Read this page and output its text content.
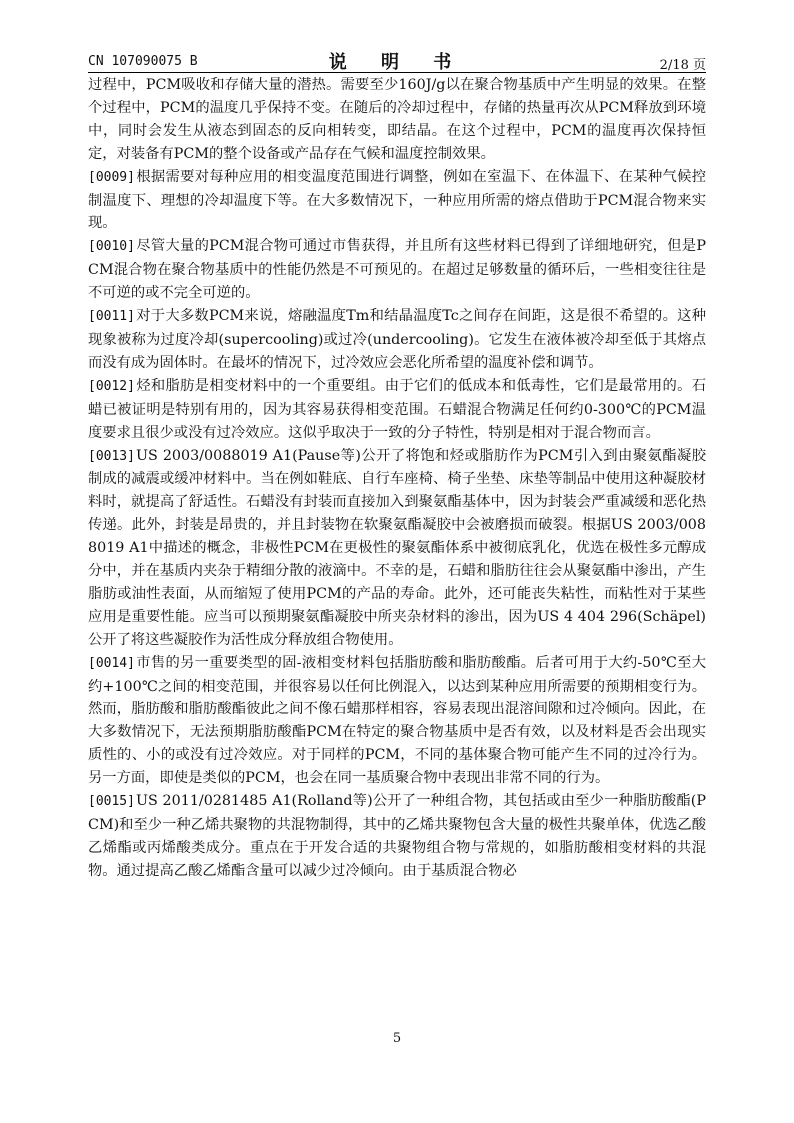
CN 107090075 B	说 明 书	2/18 页

过程中，PCM吸收和存储大量的潜热。需要至少160J/g以在聚合物基质中产生明显的效果。在整个过程中，PCM的温度几乎保持不变。在随后的冷却过程中，存储的热量再次从PCM释放到环境中，同时会发生从液态到固态的反向相转变，即结晶。在这个过程中，PCM的温度再次保持恒定，对装备有PCM的整个设备或产品存在气候和温度控制效果。

[0009]根据需要对每种应用的相变温度范围进行调整，例如在室温下、在体温下、在某种气候控制温度下、理想的冷却温度下等。在大多数情况下，一种应用所需的熔点借助于PCM混合物来实现。

[0010]尽管大量的PCM混合物可通过市售获得，并且所有这些材料已得到了详细地研究，但是PCM混合物在聚合物基质中的性能仍然是不可预见的。在超过足够数量的循环后，一些相变往往是不可逆的或不完全可逆的。

[0011]对于大多数PCM来说，熔融温度Tm和结晶温度Tc之间存在间距，这是很不希望的。这种现象被称为过度冷却(supercooling)或过冷(undercooling)。它发生在液体被冷却至低于其熔点而没有成为固体时。在最坏的情况下，过冷效应会恶化所希望的温度补偿和调节。

[0012]烃和脂肪是相变材料中的一个重要组。由于它们的低成本和低毒性，它们是最常用的。石蜡已被证明是特别有用的，因为其容易获得相变范围。石蜡混合物满足任何约0-300℃的PCM温度要求且很少或没有过冷效应。这似乎取决于一致的分子特性，特别是相对于混合物而言。

[0013]US 2003/0088019 A1(Pause等)公开了将饱和烃或脂肪作为PCM引入到由聚氨酯凝胶制成的减震或缓冲材料中。当在例如鞋底、自行车座椅、椅子坐垫、床垫等制品中使用这种凝胶材料时，就提高了舒适性。石蜡没有封装而直接加入到聚氨酯基体中，因为封装会严重减缓和恶化热传递。此外，封装是昂贵的，并且封装物在软聚氨酯凝胶中会被磨损而破裂。根据US 2003/0088019 A1中描述的概念，非极性PCM在更极性的聚氨酯体系中被彻底乳化，优选在极性多元醇成分中，并在基质内夹杂于精细分散的液滴中。不幸的是，石蜡和脂肪往往会从聚氨酯中渗出，产生脂肪或油性表面，从而缩短了使用PCM的产品的寿命。此外，还可能丧失粘性，而粘性对于某些应用是重要性能。应当可以预期聚氨酯凝胶中所夹杂材料的渗出，因为US 4 404 296(Schäpel)公开了将这些凝胶作为活性成分释放组合物使用。

[0014]市售的另一重要类型的固-液相变材料包括脂肪酸和脂肪酸酯。后者可用于大约-50℃至大约+100℃之间的相变范围，并很容易以任何比例混入，以达到某种应用所需要的预期相变行为。然而，脂肪酸和脂肪酸酯彼此之间不像石蜡那样相容，容易表现出混溶间隙和过冷倾向。因此，在大多数情况下，无法预期脂肪酸酯PCM在特定的聚合物基质中是否有效，以及材料是否会出现实质性的、小的或没有过冷效应。对于同样的PCM，不同的基体聚合物可能产生不同的过冷行为。另一方面，即使是类似的PCM，也会在同一基质聚合物中表现出非常不同的行为。

[0015]US 2011/0281485 A1(Rolland等)公开了一种组合物，其包括或由至少一种脂肪酸酯(PCM)和至少一种乙烯共聚物的共混物制得，其中的乙烯共聚物包含大量的极性共聚单体，优选乙酸乙烯酯或丙烯酸类成分。重点在于开发合适的共聚物组合物与常规的，如脂肪酸相变材料的共混物。通过提高乙酸乙烯酯含量可以减少过冷倾向。由于基质混合物必

5
